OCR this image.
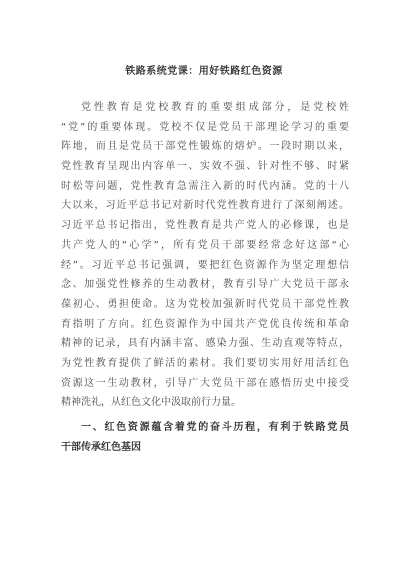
铁路系统党课：用好铁路红色资源
党性教育是党校教育的重要组成部分，是党校姓
“党”的重要体现。党校不仅是党员干部理论学习的重要
阵地，而且是党员干部党性锻炼的熔炉。一段时期以来，
党性教育呈现出内容单一、实效不强、针对性不够、时紧
时松等问题，党性教育急需注入新的时代内涵。党的十八
大以来，习近平总书记对新时代党性教育进行了深刻阐述。
习近平总书记指出，党性教育是共产党人的必修课，也是
共产党人的“心学”，所有党员干部要经常念好这部“心
经”。习近平总书记强调，要把红色资源作为坚定理想信
念、加强党性修养的生动教材，教育引导广大党员干部永
葆初心、勇担使命。这为党校加强新时代党员干部党性教
育指明了方向。红色资源作为中国共产党优良传统和革命
精神的记录，具有内涵丰富、感染力强、生动直观等特点，
为党性教育提供了鲜活的素材。我们要切实用好用活红色
资源这一生动教材，引导广大党员干部在感悟历史中接受
精神洗礼，从红色文化中汲取前行力量。
一、红色资源蕴含着党的奋斗历程，有利于铁路党员
干部传承红色基因
